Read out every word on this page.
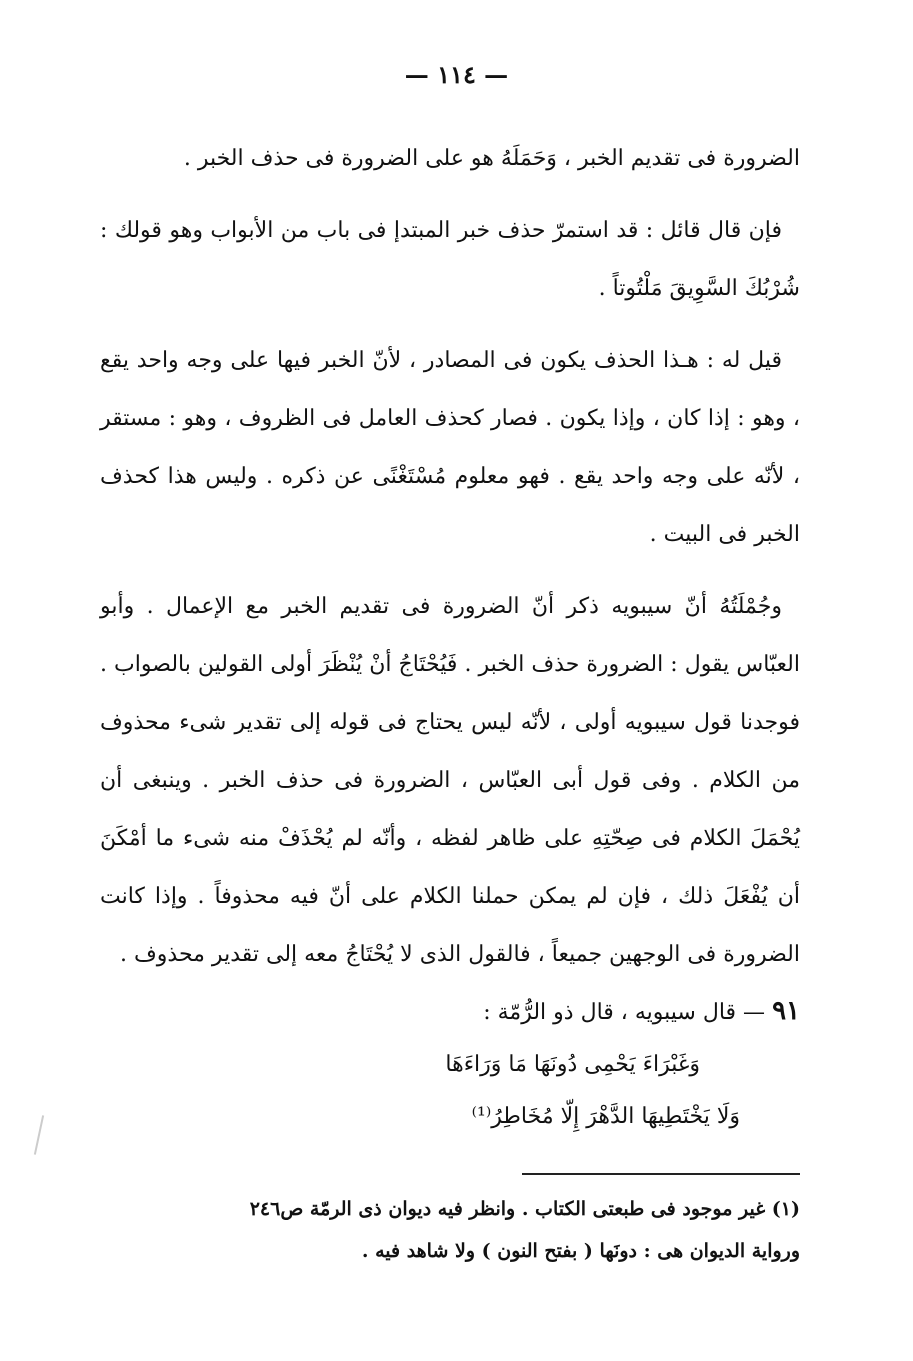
— ١١٤ —

الضرورة فى تقديم الخبر ، وَحَمَلَهُ هو على الضرورة فى حذف الخبر .

فإن قال قائل : قد استمرّ حذف خبر المبتدإ فى باب من الأبواب وهو قولك : شُرْبُكَ السَّوِيقَ مَلْتُوتاً .

قيل له : هـذا الحذف يكون فى المصادر ، لأنّ الخبر فيها على وجه واحد يقع ، وهو : إذا كان ، وإذا يكون . فصار كحذف العامل فى الظروف ، وهو : مستقر ، لأنّه على وجه واحد يقع . فهو معلوم مُسْتَغْنًى عن ذكره . وليس هذا كحذف الخبر فى البيت .

وجُمْلَتُهُ أنّ سيبويه ذكر أنّ الضرورة فى تقديم الخبر مع الإعمال . وأبو العبّاس يقول : الضرورة حذف الخبر . فَيُحْتَاجُ أنْ يُنْظَرَ أولى القولين بالصواب . فوجدنا قول سيبويه أولى ، لأنّه ليس يحتاج فى قوله إلى تقدير شىء محذوف من الكلام . وفى قول أبى العبّاس ، الضرورة فى حذف الخبر . وينبغى أن يُحْمَلَ الكلام فى صِحّتِهِ على ظاهر لفظه ، وأنّه لم يُحْذَفْ منه شىء ما أمْكَنَ أن يُفْعَلَ ذلك ، فإن لم يمكن حملنا الكلام على أنّ فيه محذوفاً . وإذا كانت الضرورة فى الوجهين جميعاً ، فالقول الذى لا يُحْتَاجُ معه إلى تقدير محذوف .

٩١ — قال سيبويه ، قال ذو الرُّمّة :

وَغَبْرَاءَ يَحْمِى دُونَهَا مَا وَرَاءَهَا

وَلَا يَخْتَطِيهَا الدَّهْرَ إِلّا مُخَاطِرُ⁽¹⁾

(١) غير موجود فى طبعتى الكتاب . وانظر فيه ديوان ذى الرمّة ص٢٤٦

ورواية الديوان هى : دونَها ( بفتح النون ) ولا شاهد فيه .
